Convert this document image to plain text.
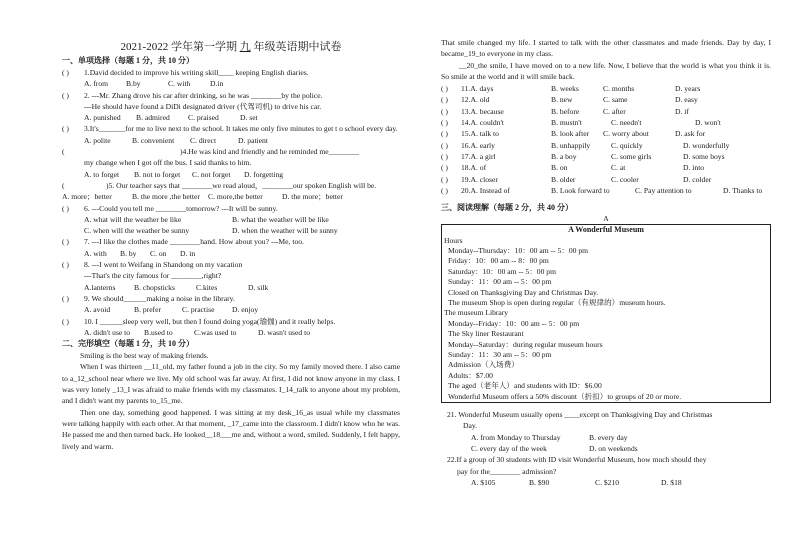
2021-2022 学年第一学期 九 年级英语期中试卷
一、单项选择（每题 1 分，共 10 分）
( )	1.David decided to improve his writing skill____ keeping English diaries.
A. from	B.by	C. with	D.in
( )	2. ---Mr. Zhang drove his car after drinking, so he was ________by the police.
---He should have found a DiDi designated driver (代驾司机) to drive his car.
A. punished	B. admired	C. praised	D. set
( )	3.It's_______for me to live next to the school. It takes me only five minutes to get t o school every day.
A. polite	B. convenient	C. direct	D. patient
(	) 4.He was kind and friendly and he reminded me________
my change when I got off the bus. I said thanks to him.
A. to forget	B. not to forget	C. not forget	D. forgetting
(	) 5. Our teacher says that ________we read aloud，________our spoken English will be.
A. more；better	B. the more ,the better	C. more,the better	D. the more；better
( )	6. ---Could you tell me ________tomorrow? ---It will be sunny.
A. what will the weather be like	B. what the weather will be like
C. when will the weather be sunny	D. when the weather will be sunny
( )	7. ---I like the clothes made ________hand. How about you? ---Me, too.
A. with	B. by	C. on	D. in
( )	8. ---I went to Weifang in Shandong on my vacation
---That's the city famous for ________,right?
A.lanterns	B. chopsticks	C.kites	D. silk
( )	9. We should______making a noise in the library.
A. avoid	B. prefer	C. practise	D. enjoy
( )	10. I ______sleep very well, but then I found doing yoga(瑜伽) and it really helps.
A. didn't use to	B.used to	C.was used to	D. wasn't used to
二、完形填空（每题 1 分，共 10 分）
Smiling is the best way of making friends.
When I was thirteen __11_old, my father found a job in the city. So my family moved there. I also came to a_12_school near where we live. My old school was far away. At first, I did not know anyone in my class. I was very lonely _13_I was afraid to make friends with my classmates. I_14_talk to anyone about my problem, and I didn't want my parents to_15_me.
Then one day, something good happened. I was sitting at my desk_16_as usual while my classmates were talking happily with each other. At that moment, _17_came into the classroom. I didn't know who he was. He passed me and then turned back. He looked__18___me and, without a word, smiled. Suddenly, I felt happy, lively and warm.
That smile changed my life. I started to talk with the other classmates and made friends. Day by day, I became_19_to everyone in my class.
__20_the smile, I have moved on to a new life. Now, I believe that the world is what you think it is. So smile at the world and it will smile back.
( )	11.A. days	B. weeks	C. months	D. years
( )	12.A. old	B. new	C. same	D. easy
( )	13.A. because	B. before	C. after	D. if
( )	14.A. couldn't	B. mustn't	C. needn't	D. won't
( )	15.A. talk to	B. look after	C. worry about	D. ask for
( )	16.A. early	B. unhappily	C. quickly	D. wonderfully
( )	17.A. a girl	B. a boy	C. some girls	D. some boys
( )	18.A. of	B. on	C. at	D. into
( )	19.A. closer	B. older	C. cooler	D. colder
( )	20.A. Instead of	B. Look forward to	C. Pay attention to	D. Thanks to
三、阅读理解（每题 2 分，共 40 分）
A
A Wonderful Museum
Hours
Monday--Thursday：10：00 am -- 5：00 pm
Friday：10：00 am -- 8：00 pm
Saturday：10：00 am -- 5：00 pm
Sunday：11：00 am -- 5：00 pm
Closed on Thanksgiving Day and Christmas Day.
The museum Shop is open during regular（有规律的）museum hours.
The museum Library
Monday--Friday：10：00 am -- 5：00 pm
The Sky liner Restaurant
Monday--Saturday：during regular museum hours
Sunday：11：30 am -- 5：00 pm
Admission（入场费）
Adults：$7.00
The aged（老年人）and students with ID：$6.00
Wonderful Museum offers a 50% discount（折扣）to groups of 20 or more.
21. Wonderful Museum usually opens ____except on Thanksgiving Day and Christmas
Day.
A. from Monday to Thursday	B. every day
C. every day of the week	D. on weekends
22.If a group of 30 students with ID visit Wonderful Museum, how much should they
pay for the________ admission?
A. $105	B. $90	C. $210	D. $18
